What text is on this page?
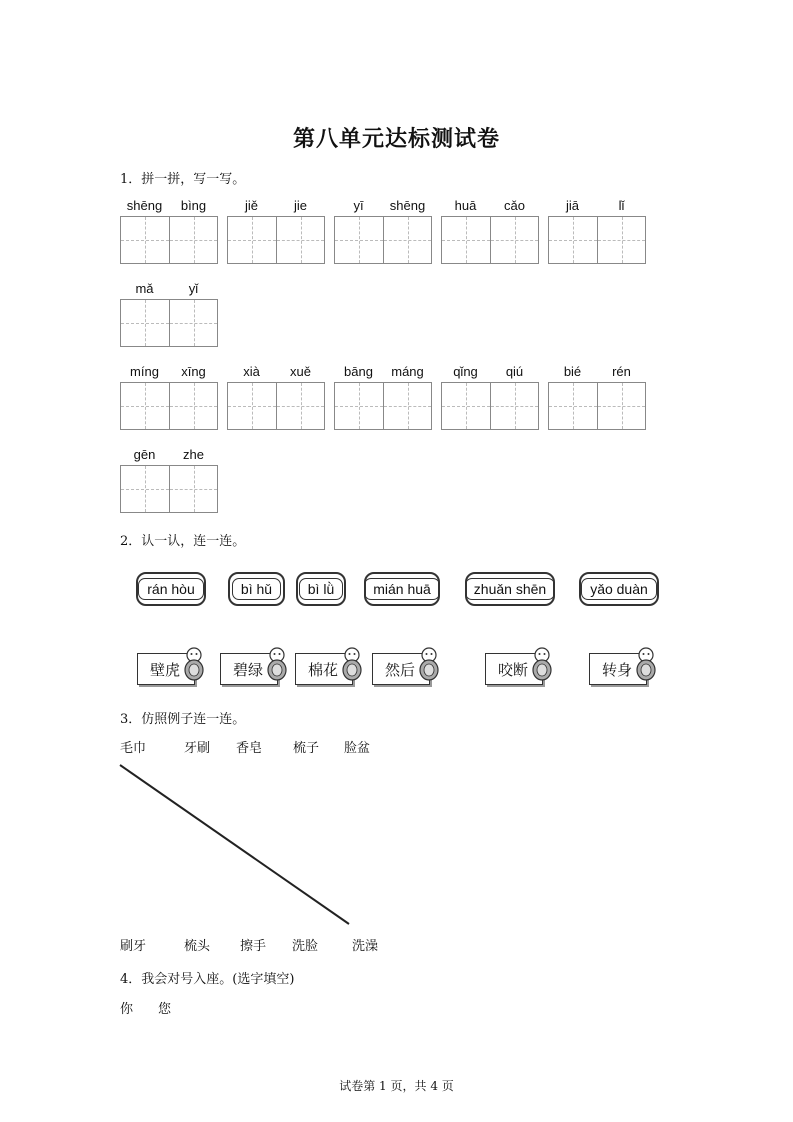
第八单元达标测试卷
1．拼一拼，写一写。
shēng	bìng	jiě	jie	yī	shēng	huā	cǎo	jiā	lǐ
mǎ	yǐ
míng	xīng	xià	xuě	bāng	máng	qǐng	qiú	bié	rén
gēn	zhe
2．认一认，连一连。
rán hòu	bì hǔ	bì lǜ	mián huā	zhuǎn shēn	yǎo duàn
壁虎	碧绿	棉花	然后	咬断	转身
3．仿照例子连一连。
毛巾	牙刷 香皂 梳子 脸盆
刷牙	梳头 擦手 洗脸	洗澡
4．我会对号入座。(选字填空)
你 您
试卷第 1 页，共 4 页
